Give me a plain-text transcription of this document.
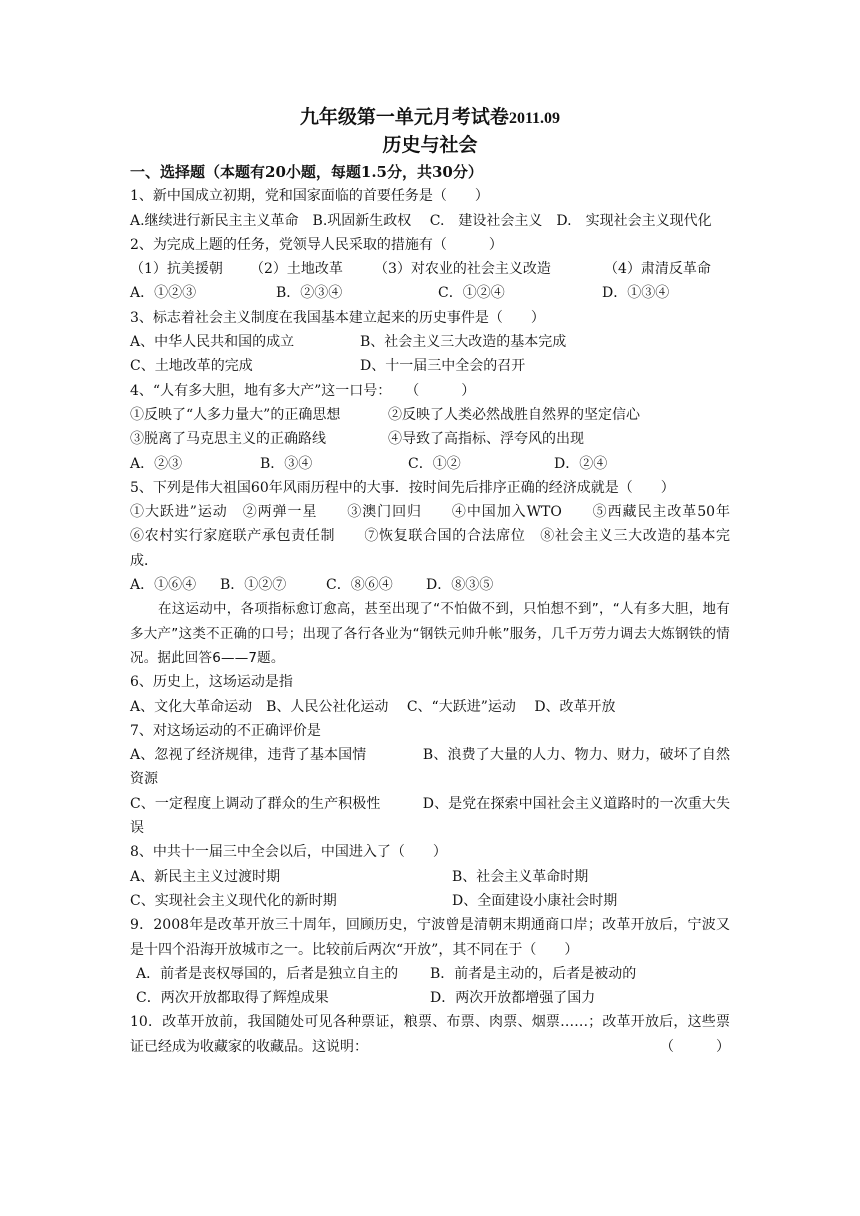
九年级第一单元月考试卷2011.09

历史与社会

一、选择题（本题有20小题，每题1.5分，共30分）

1、新中国成立初期，党和国家面临的首要任务是（　　）

A.继续进行新民主主义革命　B.巩固新生政权　 C.　建设社会主义　D.　实现社会主义现代化

2、为完成上题的任务，党领导人民采取的措施有（　　　）

（1）抗美援朝 （2）土地改革 （3）对农业的社会主义改造	（4）肃清反革命

A．①②③	B．②③④	C．①②④	D．①③④

3、标志着社会主义制度在我国基本建立起来的历史事件是（　　）

A、中华人民共和国的成立	B、社会主义三大改造的基本完成

C、土地改革的完成	D、十一届三中全会的召开

4、“人有多大胆，地有多大产”这一口号：　　（　　　）

①反映了“人多力量大”的正确思想	②反映了人类必然战胜自然界的坚定信心

③脱离了马克思主义的正确路线	④导致了高指标、浮夸风的出现

A．②③	B．③④	C．①②	D．②④

5、下列是伟大祖国60年风雨历程中的大事．按时间先后排序正确的经济成就是（　　）

①大跃进”运动　②两弹一星　　③澳门回归　　④中国加入WTO　　⑤西藏民主改革50年　　⑥农村实行家庭联产承包责任制　　⑦恢复联合国的合法席位　⑧社会主义三大改造的基本完成．

A．①⑥④ B．①②⑦	C．⑧⑥④ D．⑧③⑤

在这运动中，各项指标愈订愈高，甚至出现了“不怕做不到，只怕想不到”，“人有多大胆，地有多大产”这类不正确的口号；出现了各行各业为“钢铁元帅升帐”服务，几千万劳力调去大炼钢铁的情况。据此回答6——7题。

6、历史上，这场运动是指

A、文化大革命运动　B、人民公社化运动　 C、“大跃进”运动　 D、改革开放

7、对这场运动的不正确评价是

A、忽视了经济规律，违背了基本国情　　　　B、浪费了大量的人力、物力、财力，破坏了自然资源

C、一定程度上调动了群众的生产积极性　　　D、是党在探索中国社会主义道路时的一次重大失误

8、中共十一届三中全会以后，中国进入了（　　）

A、新民主主义过渡时期	B、社会主义革命时期

C、实现社会主义现代化的新时期	D、全面建设小康社会时期

9．2008年是改革开放三十周年，回顾历史，宁波曾是清朝末期通商口岸；改革开放后，宁波又是十四个沿海开放城市之一。比较前后两次“开放”，其不同在于（　　）

A．前者是丧权辱国的，后者是独立自主的 B．前者是主动的，后者是被动的

C．两次开放都取得了辉煌成果	D．两次开放都增强了国力

10．改革开放前，我国随处可见各种票证，粮票、布票、肉票、烟票……；改革开放后，这些票证已经成为收藏家的收藏品。这说明：	（　　　）
